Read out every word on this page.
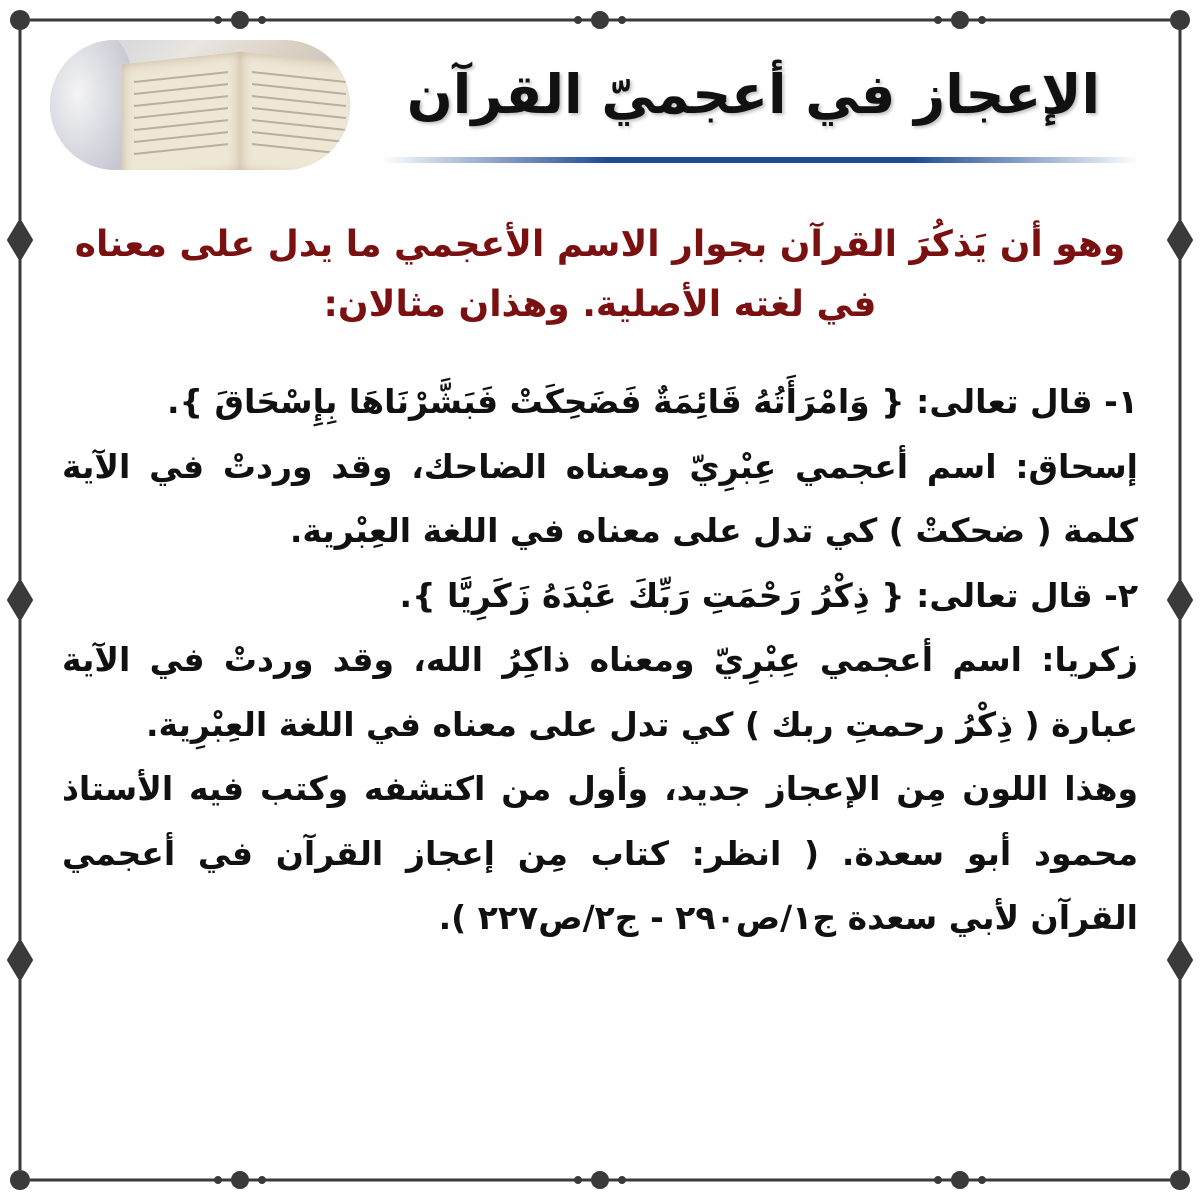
الإعجاز في أعجميّ القرآن

وهو أن يَذكُرَ القرآن بجوار الاسم الأعجمي ما يدل على معناه في لغته الأصلية. وهذان مثالان:

١- قال تعالى: { وَامْرَأَتُهُ قَائِمَةٌ فَضَحِكَتْ فَبَشَّرْنَاهَا بِإِسْحَاقَ }.

إسحاق: اسم أعجمي عِبْرِيّ ومعناه الضاحك، وقد وردتْ في الآية كلمة ( ضحكتْ ) كي تدل على معناه في اللغة العِبْرية.

٢- قال تعالى: { ذِكْرُ رَحْمَتِ رَبِّكَ عَبْدَهُ زَكَرِيَّا }.

زكريا: اسم أعجمي عِبْرِيّ ومعناه ذاكِرُ الله، وقد وردتْ في الآية عبارة ( ذِكْرُ رحمتِ ربك ) كي تدل على معناه في اللغة العِبْرِية.

وهذا اللون مِن الإعجاز جديد، وأول من اكتشفه وكتب فيه الأستاذ محمود أبو سعدة. ( انظر: كتاب مِن إعجاز القرآن في أعجمي القرآن لأبي سعدة ج١/ص٢٩٠ - ج٢/ص٢٢٧ ).
